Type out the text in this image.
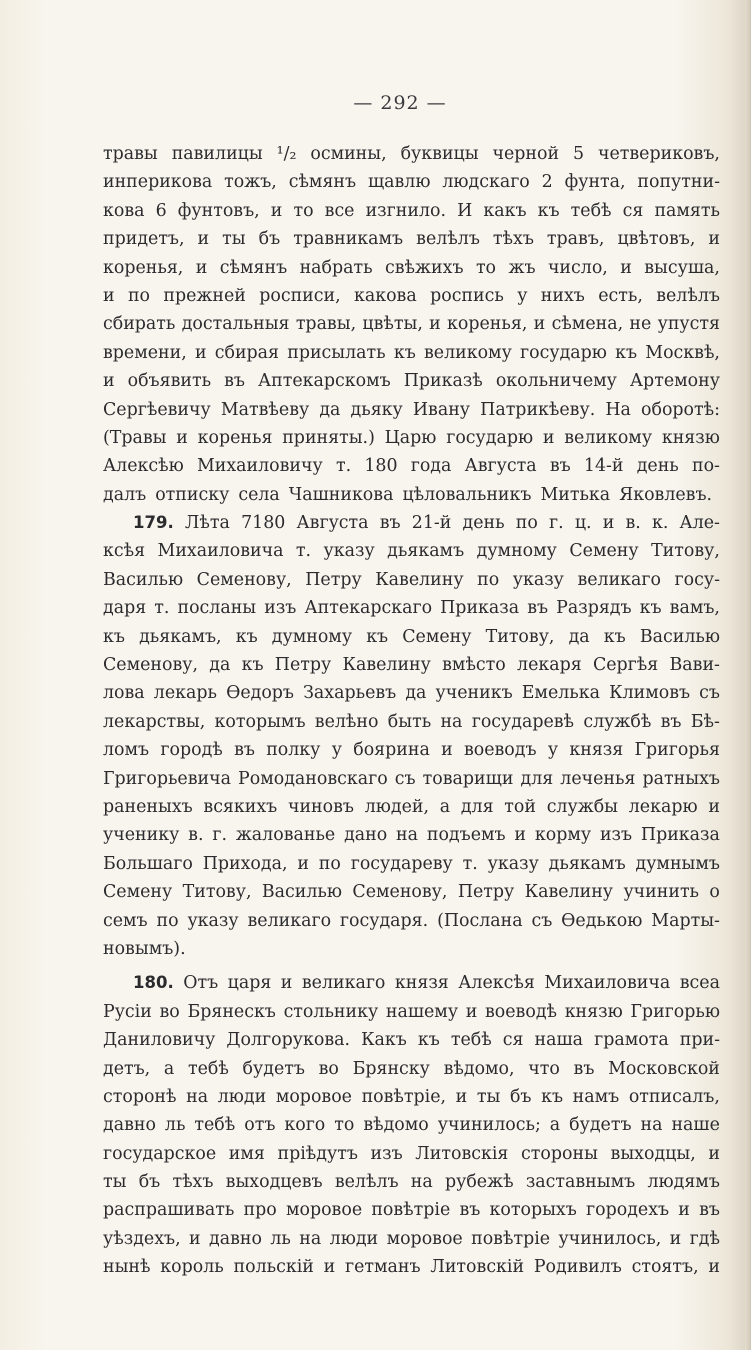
— 292 —
травы павилицы ¹/₂ осмины, буквицы черной 5 четвериковъ,
инперикова тожъ, сѣмянъ щавлю людскаго 2 фунта, попутни-
кова 6 фунтовъ, и то все изгнило. И какъ къ тебѣ ся память
придетъ, и ты бъ травникамъ велѣлъ тѣхъ травъ, цвѣтовъ, и
коренья, и сѣмянъ набрать свѣжихъ то жъ число, и высуша,
и по прежней росписи, какова роспись у нихъ есть, велѣлъ
сбирать достальныя травы, цвѣты, и коренья, и сѣмена, не упустя
времени, и сбирая присылать къ великому государю къ Москвѣ,
и объявить въ Аптекарскомъ Приказѣ окольничему Артемону
Сергѣевичу Матвѣеву да дьяку Ивану Патрикѣеву. На оборотѣ:
(Травы и коренья приняты.) Царю государю и великому князю
Алексѣю Михаиловичу т. 180 года Августа въ 14-й день по-
далъ отписку села Чашникова цѣловальникъ Митька Яковлевъ.
179. Лѣта 7180 Августа въ 21-й день по г. ц. и в. к. Але-
ксѣя Михаиловича т. указу дьякамъ думному Семену Титову,
Василью Семенову, Петру Кавелину по указу великаго госу-
даря т. посланы изъ Аптекарскаго Приказа въ Разрядъ къ вамъ,
къ дьякамъ, къ думному къ Семену Титову, да къ Василью
Семенову, да къ Петру Кавелину вмѣсто лекаря Сергѣя Вави-
лова лекарь Ѳедоръ Захарьевъ да ученикъ Емелька Климовъ съ
лекарствы, которымъ велѣно быть на государевѣ службѣ въ Бѣ-
ломъ городѣ въ полку у боярина и воеводъ у князя Григорья
Григорьевича Ромодановскаго съ товарищи для леченья ратныхъ
раненыхъ всякихъ чиновъ людей, а для той службы лекарю и
ученику в. г. жалованье дано на подъемъ и корму изъ Приказа
Большаго Прихода, и по государеву т. указу дьякамъ думнымъ
Семену Титову, Василью Семенову, Петру Кавелину учинить о
семъ по указу великаго государя. (Послана съ Ѳедькою Марты-
новымъ).
180. Отъ царя и великаго князя Алексѣя Михаиловича всеа
Русіи во Брянескъ стольнику нашему и воеводѣ князю Григорью
Даниловичу Долгорукова. Какъ къ тебѣ ся наша грамота при-
детъ, а тебѣ будетъ во Брянску вѣдомо, что въ Московской
сторонѣ на люди моровое повѣтріе, и ты бъ къ намъ отписалъ,
давно ль тебѣ отъ кого то вѣдомо учинилось; а будетъ на наше
государское имя пріѣдутъ изъ Литовскія стороны выходцы, и
ты бъ тѣхъ выходцевъ велѣлъ на рубежѣ заставнымъ людямъ
распрашивать про моровое повѣтріе въ которыхъ городехъ и въ
уѣздехъ, и давно ль на люди моровое повѣтріе учинилось, и гдѣ
нынѣ король польскій и гетманъ Литовскій Родивилъ стоятъ, и
